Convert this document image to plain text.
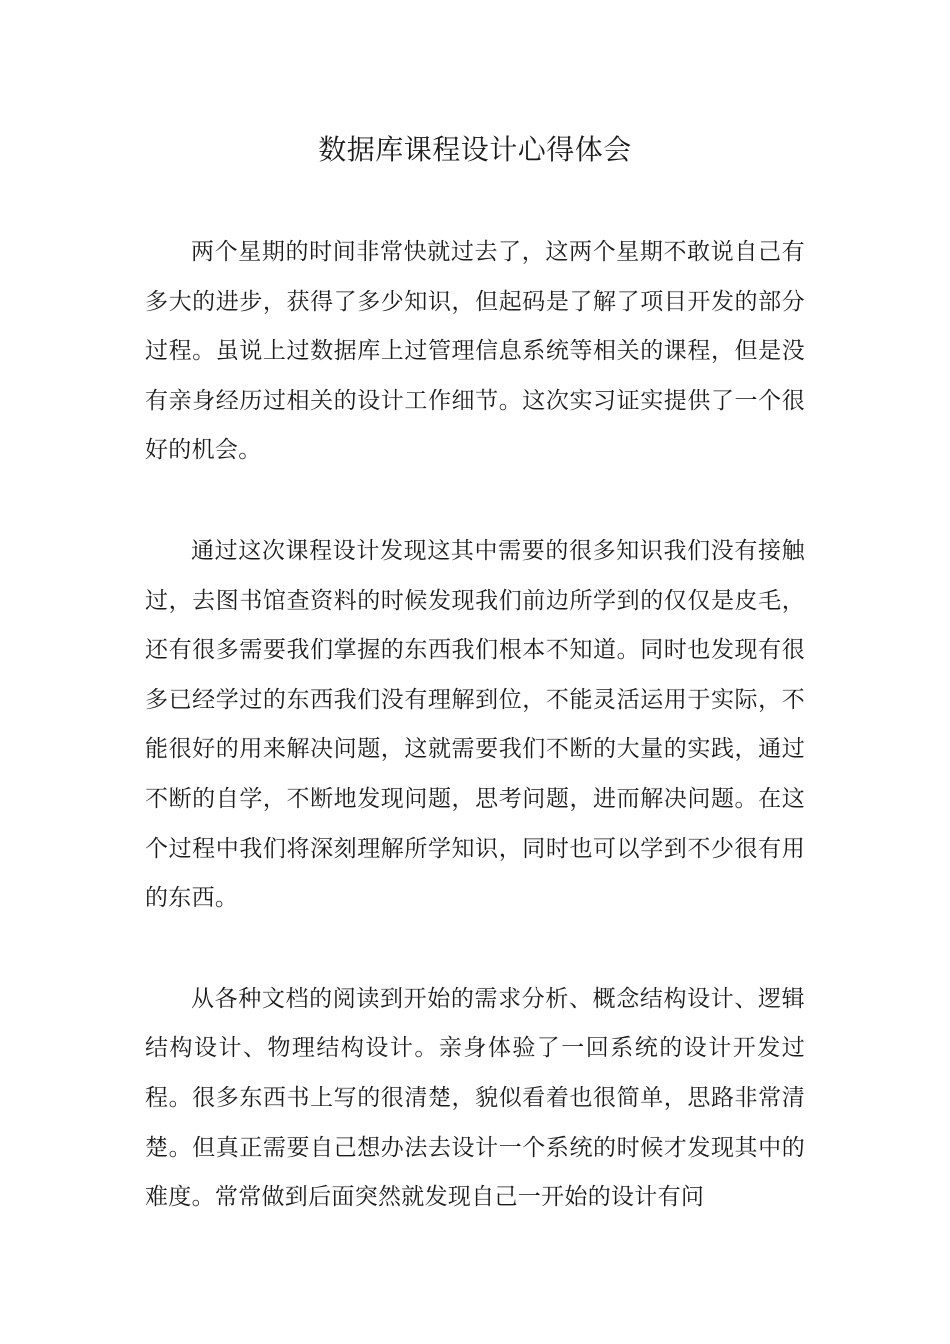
数据库课程设计心得体会

两个星期的时间非常快就过去了，这两个星期不敢说自己有多大的进步，获得了多少知识，但起码是了解了项目开发的部分过程。虽说上过数据库上过管理信息系统等相关的课程，但是没有亲身经历过相关的设计工作细节。这次实习证实提供了一个很好的机会。

通过这次课程设计发现这其中需要的很多知识我们没有接触过，去图书馆查资料的时候发现我们前边所学到的仅仅是皮毛，还有很多需要我们掌握的东西我们根本不知道。同时也发现有很多已经学过的东西我们没有理解到位，不能灵活运用于实际，不能很好的用来解决问题，这就需要我们不断的大量的实践，通过不断的自学，不断地发现问题，思考问题，进而解决问题。在这个过程中我们将深刻理解所学知识，同时也可以学到不少很有用的东西。

从各种文档的阅读到开始的需求分析、概念结构设计、逻辑结构设计、物理结构设计。亲身体验了一回系统的设计开发过程。很多东西书上写的很清楚，貌似看着也很简单，思路非常清楚。但真正需要自己想办法去设计一个系统的时候才发现其中的难度。常常做到后面突然就发现自己一开始的设计有问
